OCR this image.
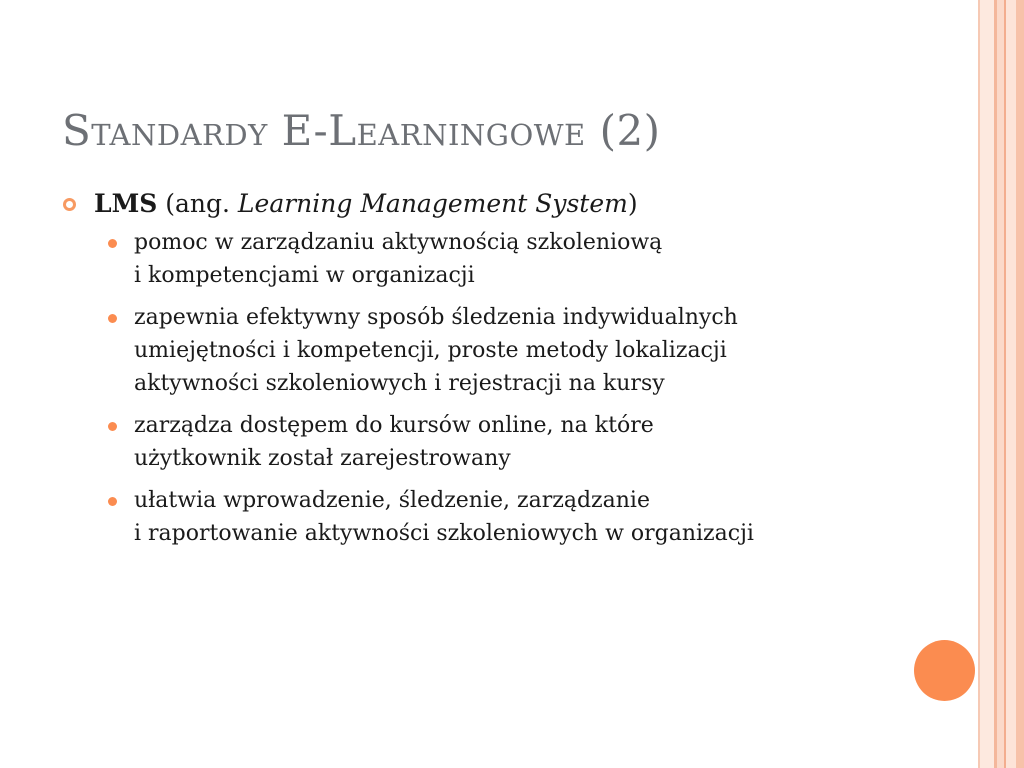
Standardy E-Learningowe (2)
LMS (ang. Learning Management System)
pomoc w zarządzaniu aktywnością szkoleniową
i kompetencjami w organizacji
zapewnia efektywny sposób śledzenia indywidualnych
umiejętności i kompetencji, proste metody lokalizacji
aktywności szkoleniowych i rejestracji na kursy
zarządza dostępem do kursów online, na które
użytkownik został zarejestrowany
ułatwia wprowadzenie, śledzenie, zarządzanie
i raportowanie aktywności szkoleniowych w organizacji
